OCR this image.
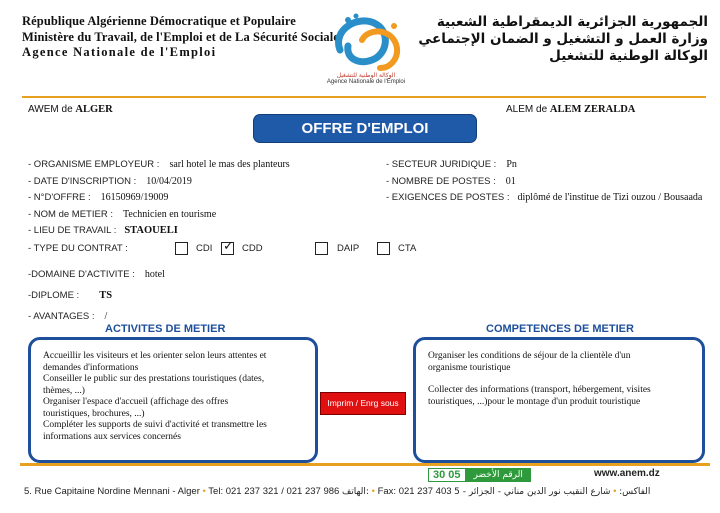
République Algérienne Démocratique et Populaire
Ministère du Travail, de l'Emploi et de La Sécurité Sociale
Agence Nationale de l'Emploi
الجمهورية الجزائرية الديمقراطية الشعبية
وزارة العمل و التشغيل و الضمان الإجتماعي
الوكالة الوطنية للتشغيل
الوكالة الوطنية للتشغيل
Agence Nationale de l'Emploi
AWEM de ALGER	ALEM de ALEM ZERALDA
OFFRE D'EMPLOI
- ORGANISME EMPLOYEUR : sarl hotel le mas des planteurs
- DATE D'INSCRIPTION : 10/04/2019
- N°D'OFFRE : 16150969/19009
- NOM de METIER : Technicien en tourisme
- LIEU DE TRAVAIL : STAOUELI
- SECTEUR JURIDIQUE : Pn
- NOMBRE DE POSTES : 01
- EXIGENCES DE POSTES : diplômé de l'institue de Tizi ouzou / Bousaada
- TYPE DU CONTRAT :	CDI ✓ CDD	DAIP	CTA
-DOMAINE D'ACTIVITE : hotel
-DIPLOME : TS
- AVANTAGES : /
ACTIVITES DE METIER	COMPETENCES DE METIER
Accueillir les visiteurs et les orienter selon leurs attentes et
demandes d'informations
Conseiller le public sur des prestations touristiques (dates,
thèmes, ...)
Organiser l'espace d'accueil (affichage des offres
touristiques, brochures, ...)
Compléter les supports de suivi d'activité et transmettre les
informations aux services concernés
Imprim / Enrg sous
Organiser les conditions de séjour de la clientèle d'un
organisme touristique
Collecter des informations (transport, hébergement, visites
touristiques, ...)pour le montage d'un produit touristique
30 05	الرقم الأخضر	www.anem.dz
5. Rue Capitaine Nordine Mennani - Alger • Tel: 021 237 321 / 021 237 986 الهاتف: • Fax: 021 237 403	الفاكس: • شارع النقيب نور الدين مناني - الجزائر - 5
